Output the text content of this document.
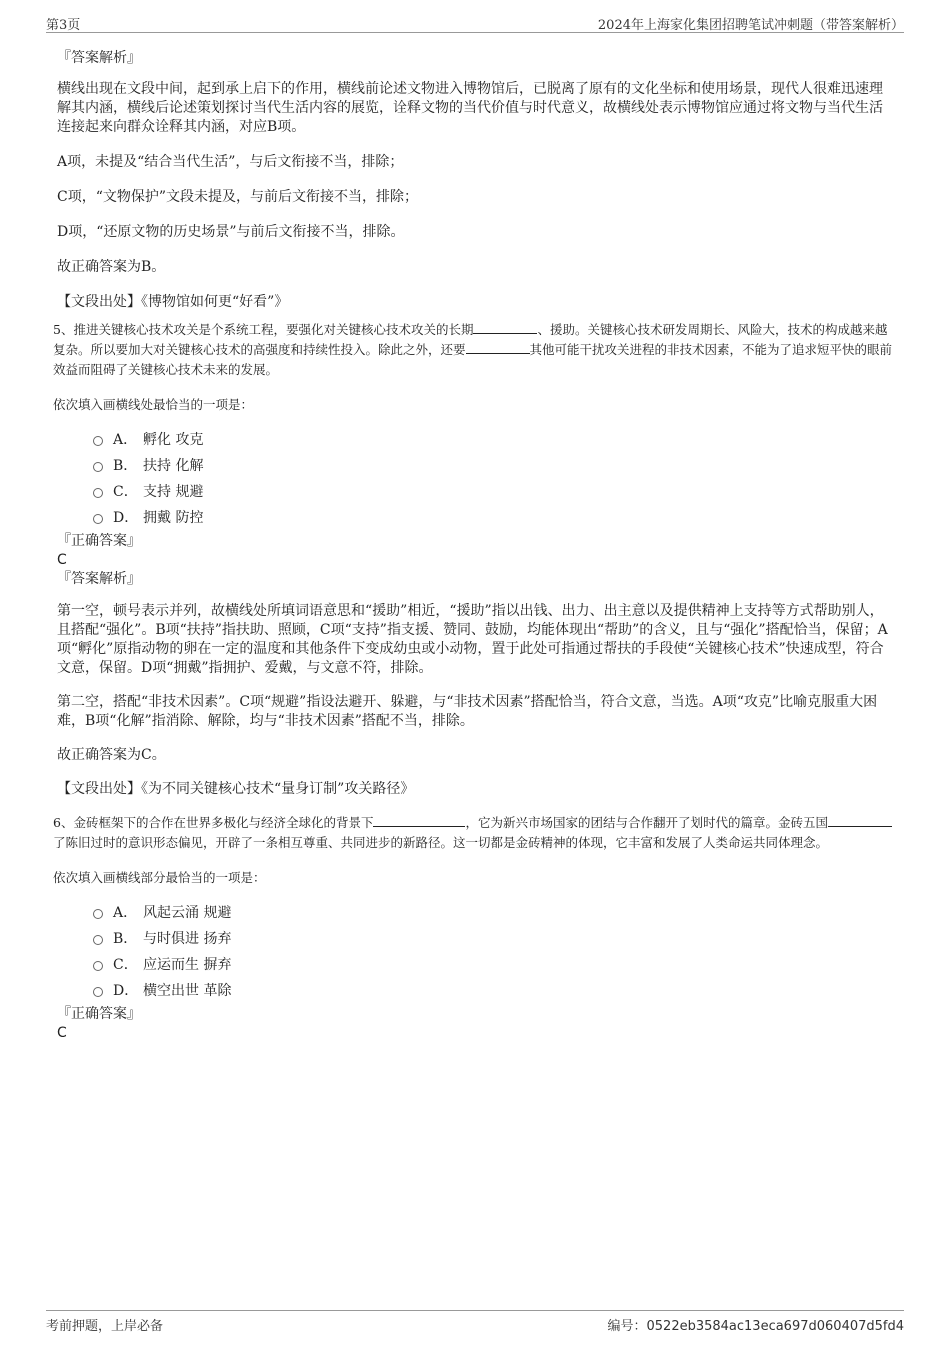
第3页	2024年上海家化集团招聘笔试冲刺题（带答案解析）
『答案解析』

横线出现在文段中间，起到承上启下的作用，横线前论述文物进入博物馆后，已脱离了原有的文化坐标和使用场景，现代人很难迅速理解其内涵，横线后论述策划探讨当代生活内容的展览，诠释文物的当代价值与时代意义，故横线处表示博物馆应通过将文物与当代生活连接起来向群众诠释其内涵，对应B项。

A项，未提及“结合当代生活”，与后文衔接不当，排除；

C项，“文物保护”文段未提及，与前后文衔接不当，排除；

D项，“还原文物的历史场景”与前后文衔接不当，排除。

故正确答案为B。

【文段出处】《博物馆如何更“好看”》

5、推进关键核心技术攻关是个系统工程，要强化对关键核心技术攻关的长期	、援助。关键核心技术研发周期长、风险大，技术的构成越来越复杂。所以要加大对关键核心技术的高强度和持续性投入。除此之外，还要	其他可能干扰攻关进程的非技术因素，不能为了追求短平快的眼前效益而阻碍了关键核心技术未来的发展。

依次填入画横线处最恰当的一项是：

A． 孵化 攻克
B． 扶持 化解
C． 支持 规避
D． 拥戴 防控
『正确答案』
C
『答案解析』

第一空，顿号表示并列，故横线处所填词语意思和“援助”相近，“援助”指以出钱、出力、出主意以及提供精神上支持等方式帮助别人，且搭配“强化”。B项“扶持”指扶助、照顾，C项“支持”指支援、赞同、鼓励，均能体现出“帮助”的含义，且与“强化”搭配恰当，保留；A项“孵化”原指动物的卵在一定的温度和其他条件下变成幼虫或小动物，置于此处可指通过帮扶的手段使“关键核心技术”快速成型，符合文意，保留。D项“拥戴”指拥护、爱戴，与文意不符，排除。

第二空，搭配“非技术因素”。C项“规避”指设法避开、躲避，与“非技术因素”搭配恰当，符合文意，当选。A项“攻克”比喻克服重大困难，B项“化解”指消除、解除，均与“非技术因素”搭配不当，排除。

故正确答案为C。

【文段出处】《为不同关键核心技术“量身订制”攻关路径》

6、金砖框架下的合作在世界多极化与经济全球化的背景下	，它为新兴市场国家的团结与合作翻开了划时代的篇章。金砖五国了陈旧过时的意识形态偏见，开辟了一条相互尊重、共同进步的新路径。这一切都是金砖精神的体现，它丰富和发展了人类命运共同体理念。

依次填入画横线部分最恰当的一项是：

A． 风起云涌 规避
B． 与时俱进 扬弃
C． 应运而生 摒弃
D． 横空出世 革除
『正确答案』
C
考前押题，上岸必备	编号：0522eb3584ac13eca697d060407d5fd4
